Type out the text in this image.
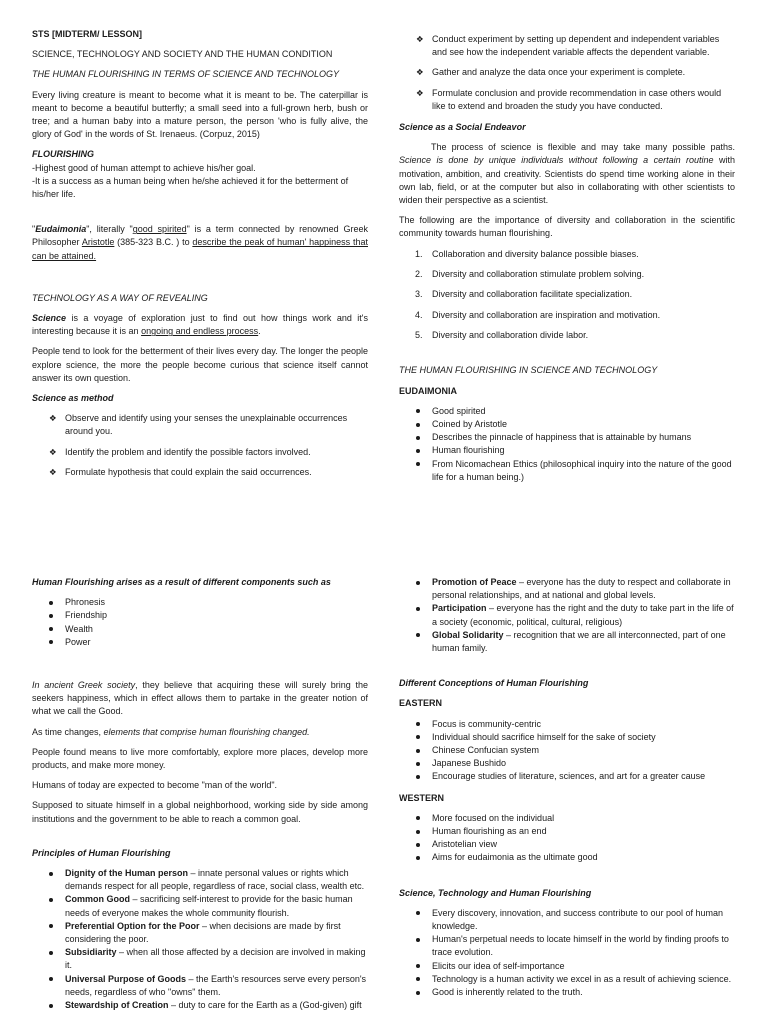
STS [MIDTERM/ LESSON]

SCIENCE, TECHNOLOGY AND SOCIETY AND THE HUMAN CONDITION

THE HUMAN FLOURISHING IN TERMS OF SCIENCE AND TECHNOLOGY

Every living creature is meant to become what it is meant to be. The caterpillar is meant to become a beautiful butterfly; a small seed into a full-grown herb, bush or tree; and a human baby into a mature person, the person 'who is fully alive, the glory of God' in the words of St. Irenaeus. (Corpuz, 2015)

FLOURISHING
-Highest good of human attempt to achieve his/her goal.
-It is a success as a human being when he/she achieved it for the betterment of his/her life.

"Eudaimonia", literally "good spirited" is a term connected by renowned Greek Philosopher Aristotle (385-323 B.C. ) to describe the peak of human' happiness that can be attained.

TECHNOLOGY AS A WAY OF REVEALING

Science is a voyage of exploration just to find out how things work and it's interesting because it is an ongoing and endless process.

People tend to look for the betterment of their lives every day. The longer the people explore science, the more the people become curious that science itself cannot answer its own question.

Science as method

❖ Observe and identify using your senses the unexplainable occurrences around you.
❖ Identify the problem and identify the possible factors involved.
❖ Formulate hypothesis that could explain the said occurrences.
❖ Conduct experiment by setting up dependent and independent variables and see how the independent variable affects the dependent variable.
❖ Gather and analyze the data once your experiment is complete.
❖ Formulate conclusion and provide recommendation in case others would like to extend and broaden the study you have conducted.

Science as a Social Endeavor

The process of science is flexible and may take many possible paths. Science is done by unique individuals without following a certain routine with motivation, ambition, and creativity. Scientists do spend time working alone in their own lab, field, or at the computer but also in collaborating with other scientists to widen their perspective as a scientist.

The following are the importance of diversity and collaboration in the scientific community towards human flourishing.

1. Collaboration and diversity balance possible biases.
2. Diversity and collaboration stimulate problem solving.
3. Diversity and collaboration facilitate specialization.
4. Diversity and collaboration are inspiration and motivation.
5. Diversity and collaboration divide labor.

THE HUMAN FLOURISHING IN SCIENCE AND TECHNOLOGY

EUDAIMONIA

Good spirited
Coined by Aristotle
Describes the pinnacle of happiness that is attainable by humans
Human flourishing
From Nicomachean Ethics (philosophical inquiry into the nature of the good life for a human being.)

Human Flourishing arises as a result of different components such as

Phronesis
Friendship
Wealth
Power

In ancient Greek society, they believe that acquiring these will surely bring the seekers happiness, which in effect allows them to partake in the greater notion of what we call the Good.

As time changes, elements that comprise human flourishing changed.

People found means to live more comfortably, explore more places, develop more products, and make more money.

Humans of today are expected to become "man of the world".

Supposed to situate himself in a global neighborhood, working side by side among institutions and the government to be able to reach a common goal.

Principles of Human Flourishing

Dignity of the Human person – innate personal values or rights which demands respect for all people, regardless of race, social class, wealth etc.
Common Good – sacrificing self-interest to provide for the basic human needs of everyone makes the whole community flourish.
Preferential Option for the Poor – when decisions are made by first considering the poor.
Subsidiarity – when all those affected by a decision are involved in making it.
Universal Purpose of Goods – the Earth's resources serve every person's needs, regardless of who "owns" them.
Stewardship of Creation – duty to care for the Earth as a (God-given) gift
Promotion of Peace – everyone has the duty to respect and collaborate in personal relationships, and at national and global levels.
Participation – everyone has the right and the duty to take part in the life of a society (economic, political, cultural, religious)
Global Solidarity – recognition that we are all interconnected, part of one human family.

Different Conceptions of Human Flourishing

EASTERN

Focus is community-centric
Individual should sacrifice himself for the sake of society
Chinese Confucian system
Japanese Bushido
Encourage studies of literature, sciences, and art for a greater cause

WESTERN

More focused on the individual
Human flourishing as an end
Aristotelian view
Aims for eudaimonia as the ultimate good

Science, Technology and Human Flourishing

Every discovery, innovation, and success contribute to our pool of human knowledge.
Human's perpetual needs to locate himself in the world by finding proofs to trace evolution.
Elicits our idea of self-importance
Technology is a human activity we excel in as a result of achieving science.
Good is inherently related to the truth.
